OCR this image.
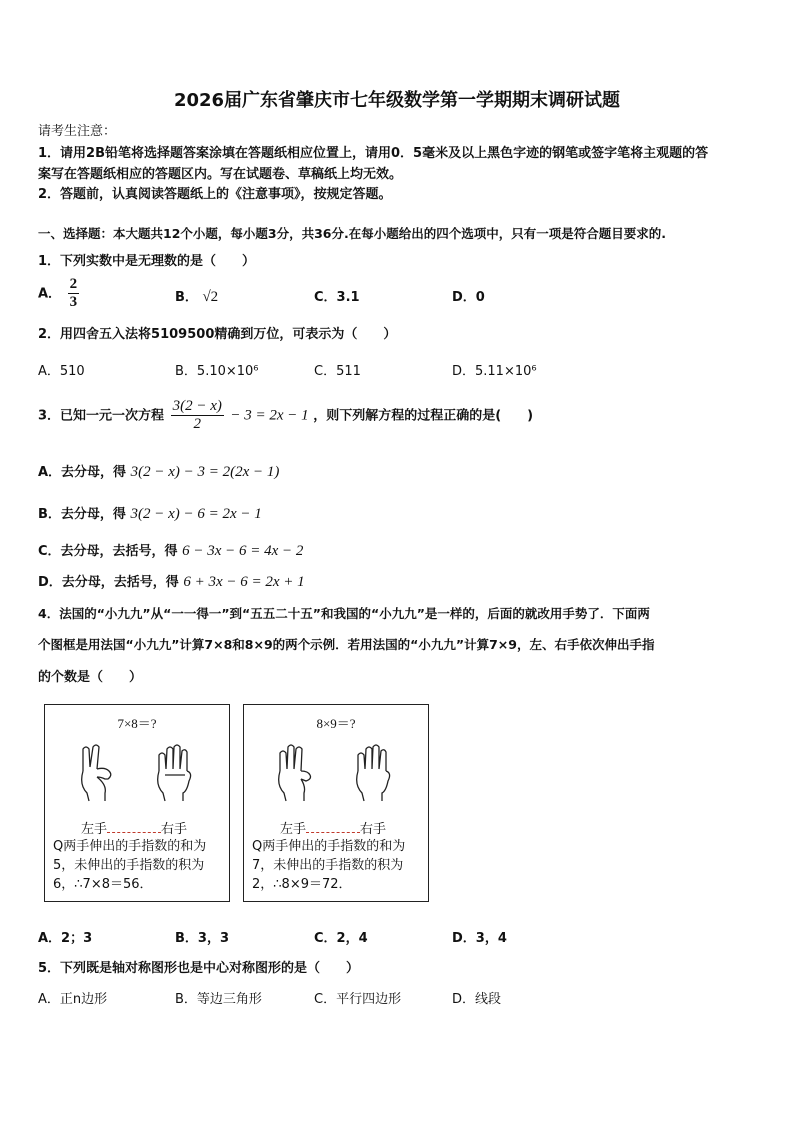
2026届广东省肇庆市七年级数学第一学期期末调研试题
请考生注意：
1．请用2B铅笔将选择题答案涂填在答题纸相应位置上，请用0．5毫米及以上黑色字迹的钢笔或签字笔将主观题的答
案写在答题纸相应的答题区内。写在试题卷、草稿纸上均无效。
2．答题前，认真阅读答题纸上的《注意事项》，按规定答题。
一、选择题：本大题共12个小题，每小题3分，共36分.在每小题给出的四个选项中，只有一项是符合题目要求的.
1．下列实数中是无理数的是（　　）
A． $\frac{2}{3}$	B． √2	C．3.1	D．0
2．用四舍五入法将5109500精确到万位，可表示为（　　）
A．510	B．5.10×10⁶	C．511	D．5.11×10⁶
3．已知一元一次方程 $\frac{3(2 - x)}{2} - 3 = 2x - 1$ ，则下列解方程的过程正确的是(　　)
A．去分母，得 3(2 − x) − 3 = 2(2x − 1)
B．去分母，得 3(2 − x) − 6 = 2x − 1
C．去分母，去括号，得 6 − 3x − 6 = 4x − 2
D．去分母，去括号，得 6 + 3x − 6 = 2x + 1
4．法国的“小九九”从“一一得一”到“五五二十五”和我国的“小九九”是一样的，后面的就改用手势了．下面两
个图框是用法国“小九九”计算7×8和8×9的两个示例．若用法国的“小九九”计算7×9，左、右手依次伸出手指
的个数是（　　）
7×8＝?
左手	右手
Q两手伸出的手指数的和为5，未伸出的手指数的积为6，∴7×8＝56．
8×9＝?
左手	右手
Q两手伸出的手指数的和为7，未伸出的手指数的积为2，∴8×9＝72．
A．2；3	B．3，3	C．2，4	D．3，4
5．下列既是轴对称图形也是中心对称图形的是（　　）
A．正n边形	B．等边三角形	C．平行四边形	D．线段
